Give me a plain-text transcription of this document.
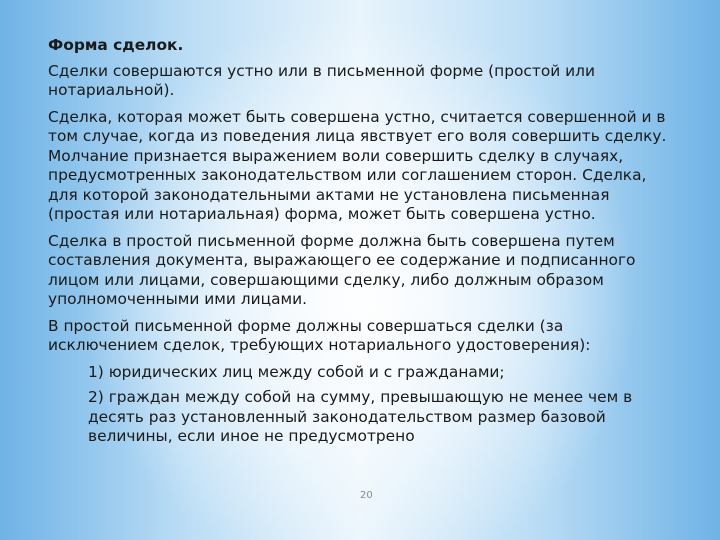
Форма сделок.

Сделки совершаются устно или в письменной форме (простой или нотариальной).

Сделка, которая может быть совершена устно, считается совершенной и в том случае, когда из поведения лица явствует его воля совершить сделку. Молчание признается выражением воли совершить сделку в случаях, предусмотренных законодательством или соглашением сторон. Сделка, для которой законодательными актами не установлена письменная (простая или нотариальная) форма, может быть совершена устно.

Сделка в простой письменной форме должна быть совершена путем составления документа, выражающего ее содержание и подписанного лицом или лицами, совершающими сделку, либо должным образом уполномоченными ими лицами.

В простой письменной форме должны совершаться сделки (за исключением сделок, требующих нотариального удостоверения):

1) юридических лиц между собой и с гражданами;

2) граждан между собой на сумму, превышающую не менее чем в десять раз установленный законодательством размер базовой величины, если иное не предусмотрено

20
